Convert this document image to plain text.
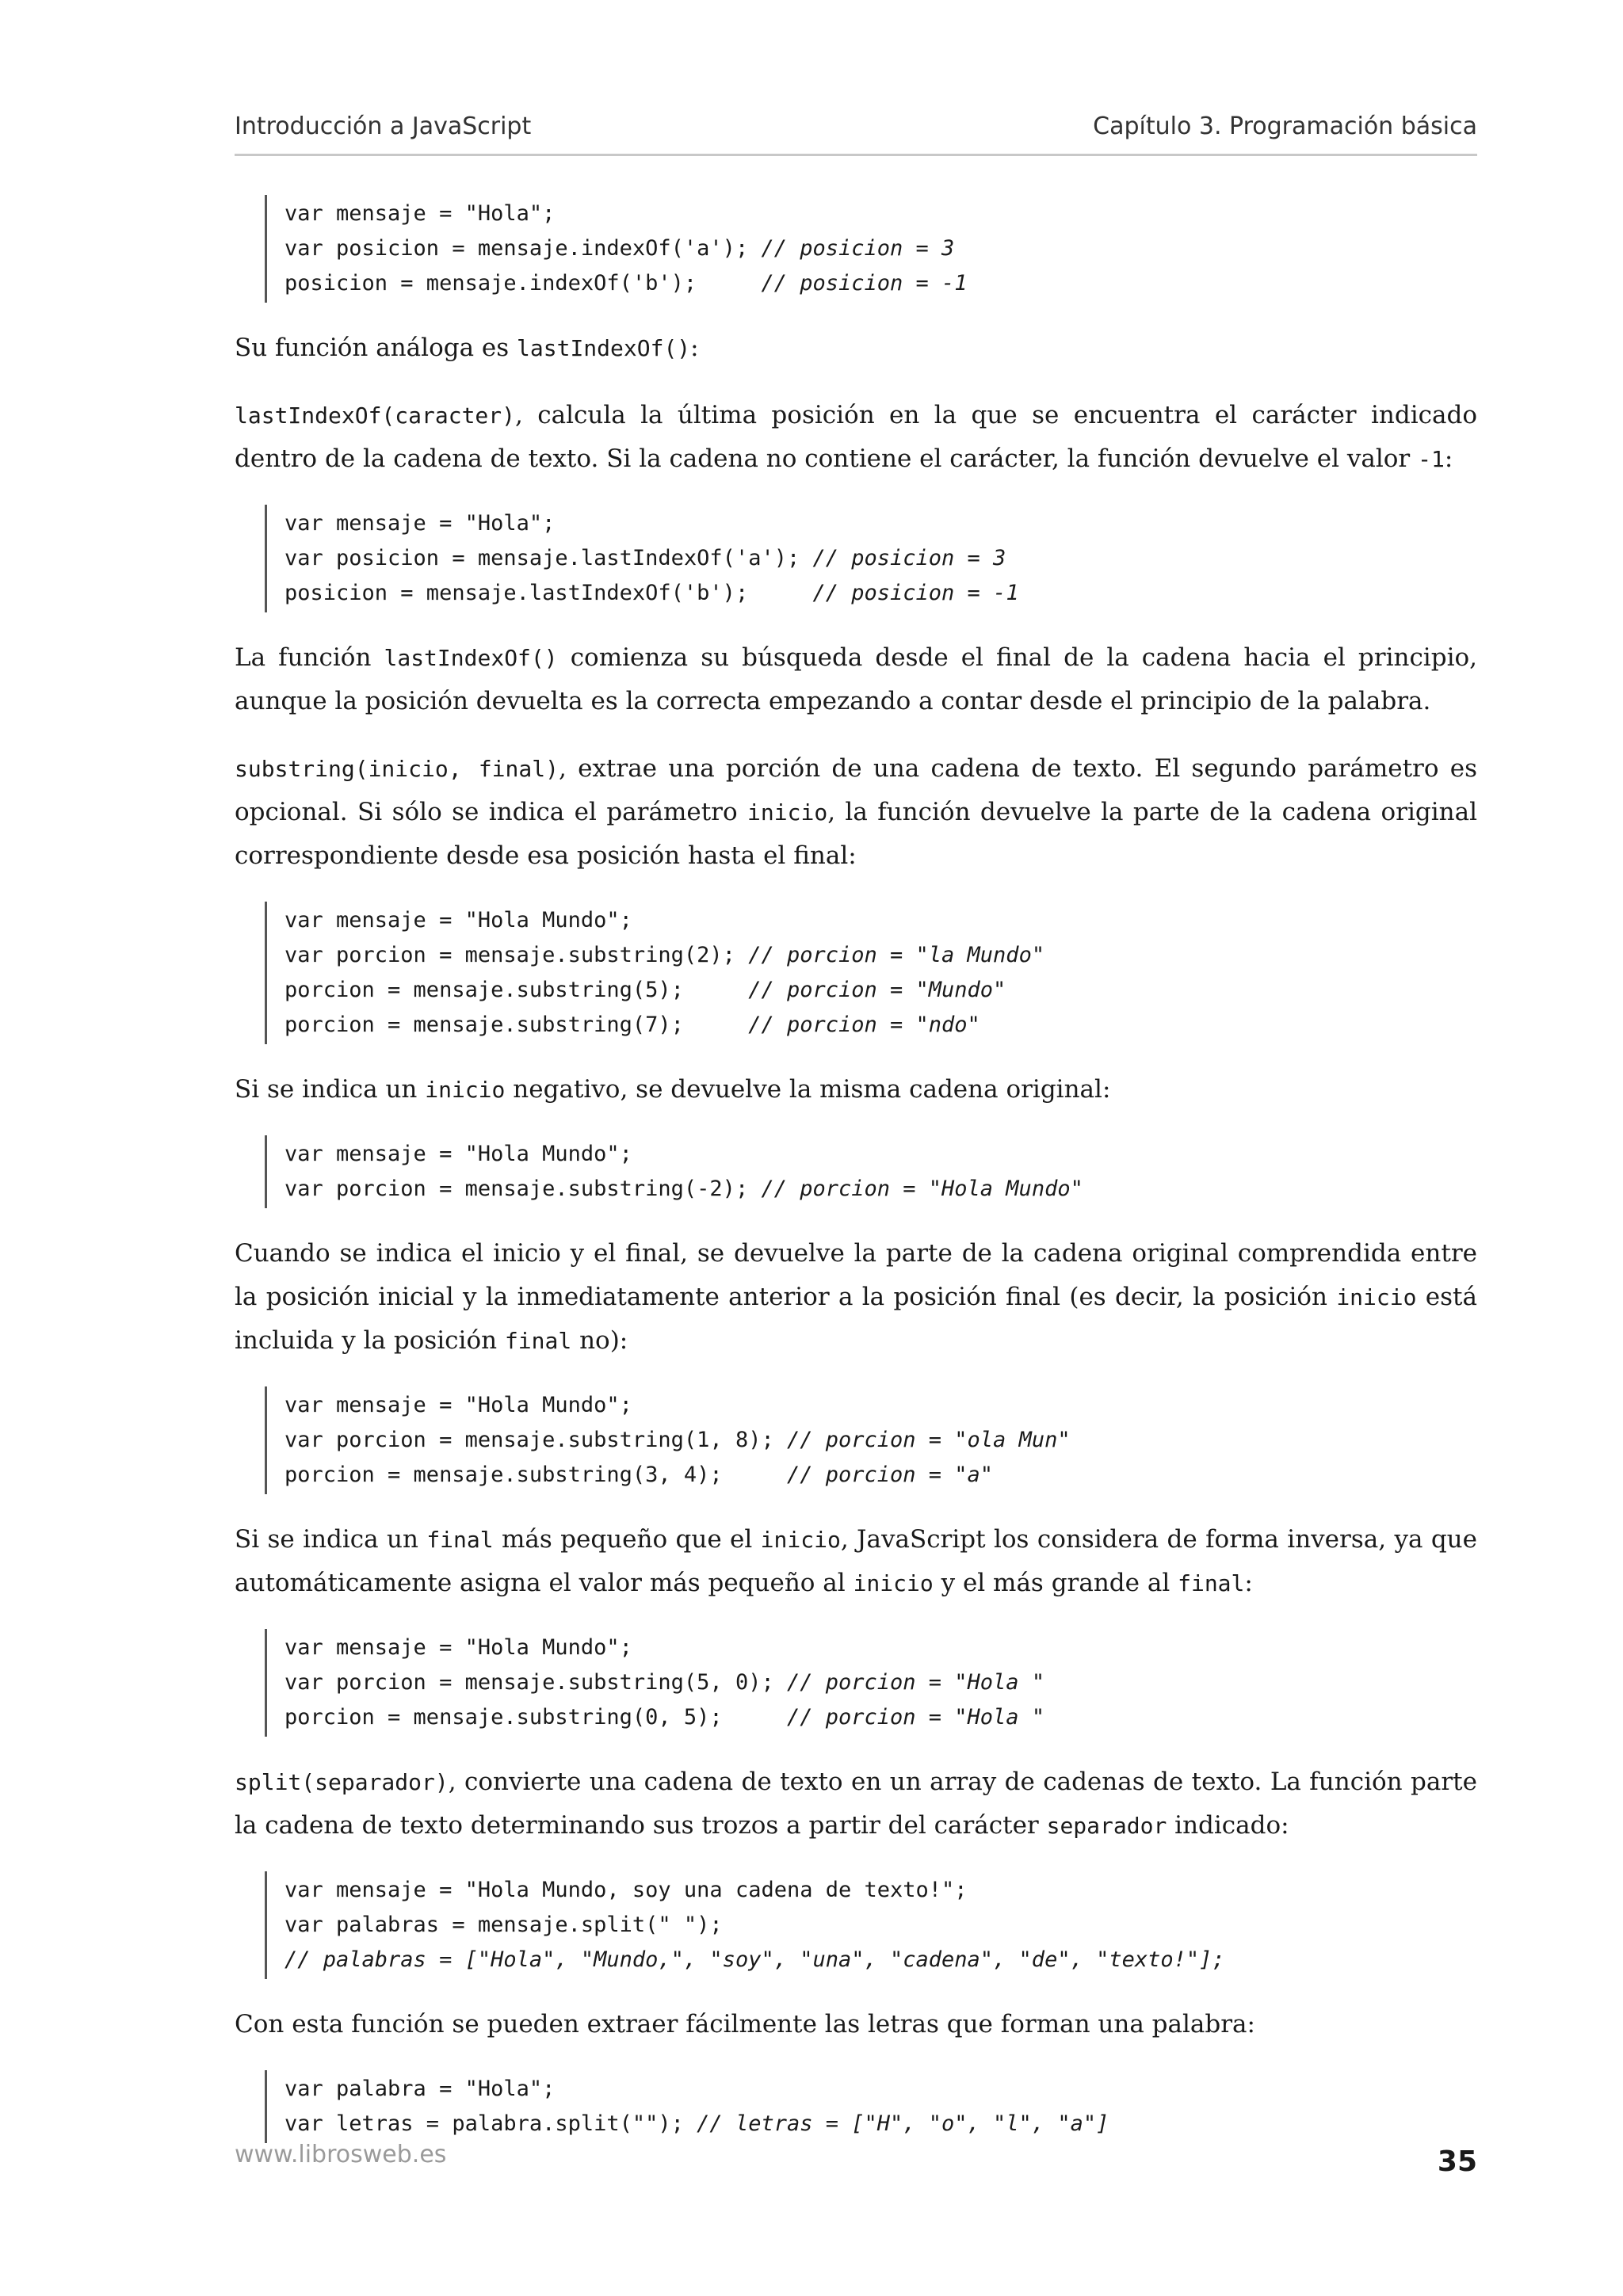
Introducción a JavaScript	Capítulo 3. Programación básica
var mensaje = "Hola";
var posicion = mensaje.indexOf('a'); // posicion = 3
posicion = mensaje.indexOf('b');     // posicion = -1

Su función análoga es lastIndexOf():

lastIndexOf(caracter), calcula la última posición en la que se encuentra el carácter indicado dentro de la cadena de texto. Si la cadena no contiene el carácter, la función devuelve el valor -1:

var mensaje = "Hola";
var posicion = mensaje.lastIndexOf('a'); // posicion = 3
posicion = mensaje.lastIndexOf('b');     // posicion = -1

La función lastIndexOf() comienza su búsqueda desde el final de la cadena hacia el principio, aunque la posición devuelta es la correcta empezando a contar desde el principio de la palabra.

substring(inicio, final), extrae una porción de una cadena de texto. El segundo parámetro es opcional. Si sólo se indica el parámetro inicio, la función devuelve la parte de la cadena original correspondiente desde esa posición hasta el final:

var mensaje = "Hola Mundo";
var porcion = mensaje.substring(2); // porcion = "la Mundo"
porcion = mensaje.substring(5);     // porcion = "Mundo"
porcion = mensaje.substring(7);     // porcion = "ndo"

Si se indica un inicio negativo, se devuelve la misma cadena original:

var mensaje = "Hola Mundo";
var porcion = mensaje.substring(-2); // porcion = "Hola Mundo"

Cuando se indica el inicio y el final, se devuelve la parte de la cadena original comprendida entre la posición inicial y la inmediatamente anterior a la posición final (es decir, la posición inicio está incluida y la posición final no):

var mensaje = "Hola Mundo";
var porcion = mensaje.substring(1, 8); // porcion = "ola Mun"
porcion = mensaje.substring(3, 4);     // porcion = "a"

Si se indica un final más pequeño que el inicio, JavaScript los considera de forma inversa, ya que automáticamente asigna el valor más pequeño al inicio y el más grande al final:

var mensaje = "Hola Mundo";
var porcion = mensaje.substring(5, 0); // porcion = "Hola "
porcion = mensaje.substring(0, 5);     // porcion = "Hola "

split(separador), convierte una cadena de texto en un array de cadenas de texto. La función parte la cadena de texto determinando sus trozos a partir del carácter separador indicado:

var mensaje = "Hola Mundo, soy una cadena de texto!";
var palabras = mensaje.split(" ");
// palabras = ["Hola", "Mundo,", "soy", "una", "cadena", "de", "texto!"];

Con esta función se pueden extraer fácilmente las letras que forman una palabra:

var palabra = "Hola";
var letras = palabra.split(""); // letras = ["H", "o", "l", "a"]
www.librosweb.es	35
